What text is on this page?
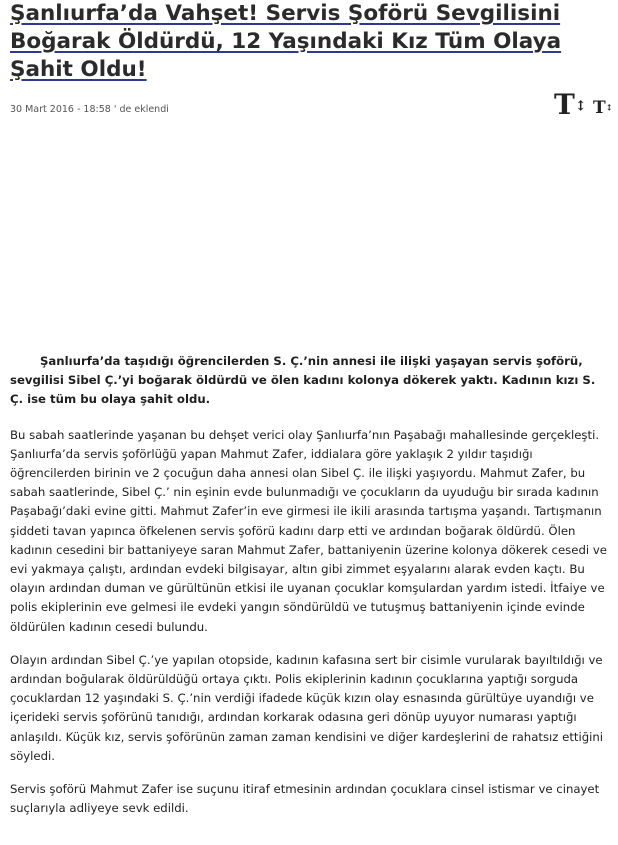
Şanlıurfa’da Vahşet! Servis Şoförü Sevgilisini Boğarak Öldürdü, 12 Yaşındaki Kız Tüm Olaya Şahit Oldu!
30 Mart 2016 - 18:58 ' de eklendi	T↕ T↕

Şanlıurfa’da taşıdığı öğrencilerden S. Ç.’nin annesi ile ilişki yaşayan servis şoförü, sevgilisi Sibel Ç.’yi boğarak öldürdü ve ölen kadını kolonya dökerek yaktı. Kadının kızı S. Ç. ise tüm bu olaya şahit oldu.

Bu sabah saatlerinde yaşanan bu dehşet verici olay Şanlıurfa’nın Paşabağı mahallesinde gerçekleşti. Şanlıurfa’da servis şoförlüğü yapan Mahmut Zafer, iddialara göre yaklaşık 2 yıldır taşıdığı öğrencilerden birinin ve 2 çocuğun daha annesi olan Sibel Ç. ile ilişki yaşıyordu. Mahmut Zafer, bu sabah saatlerinde, Sibel Ç.’ nin eşinin evde bulunmadığı ve çocukların da uyuduğu bir sırada kadının Paşabağı’daki evine gitti. Mahmut Zafer’in eve girmesi ile ikili arasında tartışma yaşandı. Tartışmanın şiddeti tavan yapınca öfkelenen servis şoförü kadını darp etti ve ardından boğarak öldürdü. Ölen kadının cesedini bir battaniyeye saran Mahmut Zafer, battaniyenin üzerine kolonya dökerek cesedi ve evi yakmaya çalıştı, ardından evdeki bilgisayar, altın gibi zimmet eşyalarını alarak evden kaçtı. Bu olayın ardından duman ve gürültünün etkisi ile uyanan çocuklar komşulardan yardım istedi. İtfaiye ve polis ekiplerinin eve gelmesi ile evdeki yangın söndürüldü ve tutuşmuş battaniyenin içinde evinde öldürülen kadının cesedi bulundu.

Olayın ardından Sibel Ç.’ye yapılan otopside, kadının kafasına sert bir cisimle vurularak bayıltıldığı ve ardından boğularak öldürüldüğü ortaya çıktı. Polis ekiplerinin kadının çocuklarına yaptığı sorguda çocuklardan 12 yaşındaki S. Ç.’nin verdiği ifadede küçük kızın olay esnasında gürültüye uyandığı ve içerideki servis şoförünü tanıdığı, ardından korkarak odasına geri dönüp uyuyor numarası yaptığı anlaşıldı. Küçük kız, servis şoförünün zaman zaman kendisini ve diğer kardeşlerini de rahatsız ettiğini söyledi.

Servis şoförü Mahmut Zafer ise suçunu itiraf etmesinin ardından çocuklara cinsel istismar ve cinayet suçlarıyla adliyeye sevk edildi.
